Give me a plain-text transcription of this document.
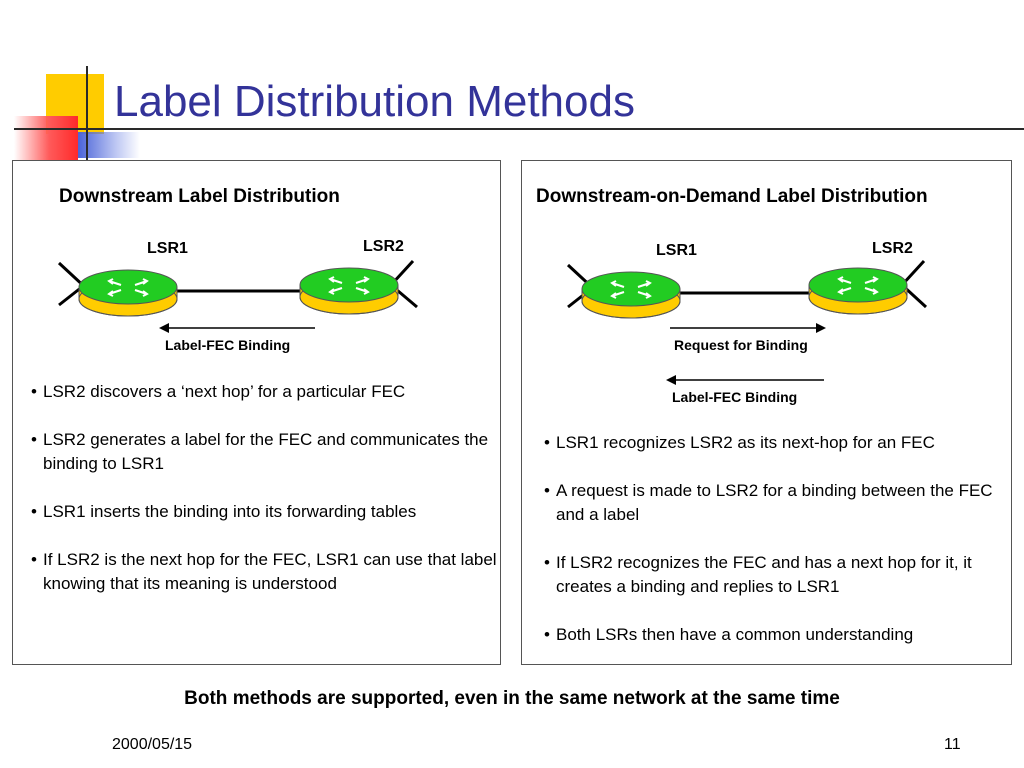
Label Distribution Methods
Downstream Label Distribution
LSR1	LSR2
Label-FEC Binding
• LSR2 discovers a ‘next hop’ for a particular FEC
• LSR2 generates a label for the FEC and communicates the binding to LSR1
• LSR1 inserts the binding into its forwarding tables
• If LSR2 is the next hop for the FEC, LSR1 can use that label knowing that its meaning is understood
Downstream-on-Demand Label Distribution
LSR1	LSR2
Request for Binding
Label-FEC Binding
• LSR1 recognizes LSR2 as its next-hop for an FEC
• A request is made to LSR2 for a binding between the FEC and a label
• If LSR2 recognizes the FEC and has a next hop for it, it creates a binding and replies to LSR1
• Both LSRs then have a common understanding
Both methods are supported, even in the same network at the same time
2000/05/15	11
